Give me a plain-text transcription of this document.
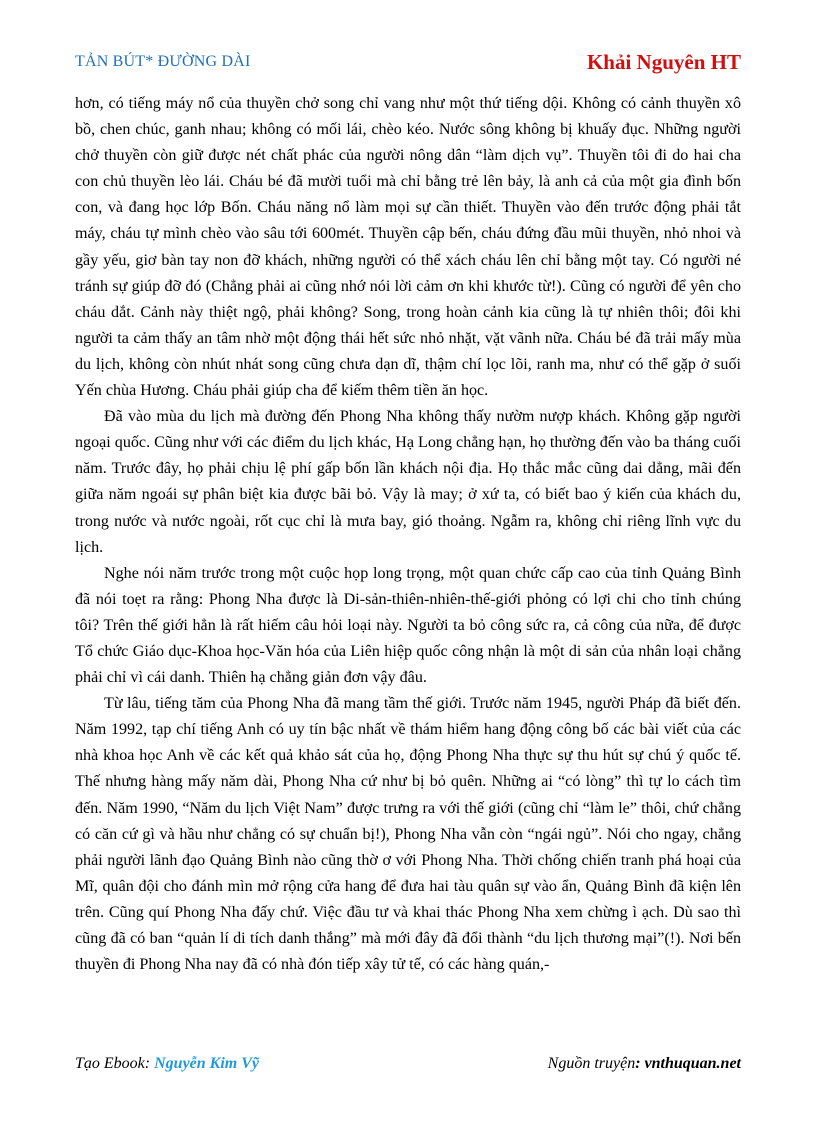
TẢN BÚT* ĐƯỜNG DÀI	Khải Nguyên HT

hơn, có tiếng máy nổ của thuyền chở song chỉ vang như một thứ tiếng dội. Không có cảnh thuyền xô bồ, chen chúc, ganh nhau; không có mối lái, chèo kéo. Nước sông không bị khuấy đục. Những người chở thuyền còn giữ được nét chất phác của người nông dân “làm dịch vụ”. Thuyền tôi đi do hai cha con chủ thuyền lèo lái. Cháu bé đã mười tuổi mà chỉ bằng trẻ lên bảy, là anh cả của một gia đình bốn con, và đang học lớp Bốn. Cháu năng nổ làm mọi sự cần thiết. Thuyền vào đến trước động phải tắt máy, cháu tự mình chèo vào sâu tới 600mét. Thuyền cập bến, cháu đứng đầu mũi thuyền, nhỏ nhoi và gầy yếu, giơ bàn tay non đỡ khách, những người có thể xách cháu lên chỉ bằng một tay. Có người né tránh sự giúp đỡ đó (Chẳng phải ai cũng nhớ nói lời cảm ơn khi khước từ!). Cũng có người để yên cho cháu dắt. Cảnh này thiệt ngộ, phải không? Song, trong hoàn cảnh kia cũng là tự nhiên thôi; đôi khi người ta cảm thấy an tâm nhờ một động thái hết sức nhỏ nhặt, vặt vãnh nữa. Cháu bé đã trải mấy mùa du lịch, không còn nhút nhát song cũng chưa dạn dĩ, thậm chí lọc lõi, ranh ma, như có thể gặp ở suối Yến chùa Hương. Cháu phải giúp cha để kiếm thêm tiền ăn học.

Đã vào mùa du lịch mà đường đến Phong Nha không thấy nườm nượp khách. Không gặp người ngoại quốc. Cũng như với các điểm du lịch khác, Hạ Long chẳng hạn, họ thường đến vào ba tháng cuối năm. Trước đây, họ phải chịu lệ phí gấp bốn lần khách nội địa. Họ thắc mắc cũng dai dẳng, mãi đến giữa năm ngoái sự phân biệt kia được bãi bỏ. Vậy là may; ở xứ ta, có biết bao ý kiến của khách du, trong nước và nước ngoài, rốt cục chỉ là mưa bay, gió thoảng. Ngẫm ra, không chỉ riêng lĩnh vực du lịch.

Nghe nói năm trước trong một cuộc họp long trọng, một quan chức cấp cao của tỉnh Quảng Bình đã nói toẹt ra rằng: Phong Nha được là Di-sản-thiên-nhiên-thế-giới phỏng có lợi chi cho tỉnh chúng tôi? Trên thế giới hẳn là rất hiếm câu hỏi loại này. Người ta bỏ công sức ra, cả công của nữa, để được Tổ chức Giáo dục-Khoa học-Văn hóa của Liên hiệp quốc công nhận là một di sản của nhân loại chẳng phải chỉ vì cái danh. Thiên hạ chẳng giản đơn vậy đâu.

Từ lâu, tiếng tăm của Phong Nha đã mang tầm thế giới. Trước năm 1945, người Pháp đã biết đến. Năm 1992, tạp chí tiếng Anh có uy tín bậc nhất về thám hiểm hang động công bố các bài viết của các nhà khoa học Anh về các kết quả khảo sát của họ, động Phong Nha thực sự thu hút sự chú ý quốc tế. Thế nhưng hàng mấy năm dài, Phong Nha cứ như bị bỏ quên. Những ai “có lòng” thì tự lo cách tìm đến. Năm 1990, “Năm du lịch Việt Nam” được trưng ra với thế giới (cũng chỉ “làm le” thôi, chứ chẳng có căn cứ gì và hầu như chẳng có sự chuẩn bị!), Phong Nha vẫn còn “ngái ngủ”. Nói cho ngay, chẳng phải người lãnh đạo Quảng Bình nào cũng thờ ơ với Phong Nha. Thời chống chiến tranh phá hoại của Mĩ, quân đội cho đánh mìn mở rộng cửa hang để đưa hai tàu quân sự vào ẩn, Quảng Bình đã kiện lên trên. Cũng quí Phong Nha đấy chứ. Việc đầu tư và khai thác Phong Nha xem chừng ì ạch. Dù sao thì cũng đã có ban “quản lí di tích danh thắng” mà mới đây đã đổi thành “du lịch thương mại”(!). Nơi bến thuyền đi Phong Nha nay đã có nhà đón tiếp xây tử tế, có các hàng quán,-

Tạo Ebook: Nguyễn Kim Vỹ	Nguồn truyện: vnthuquan.net
